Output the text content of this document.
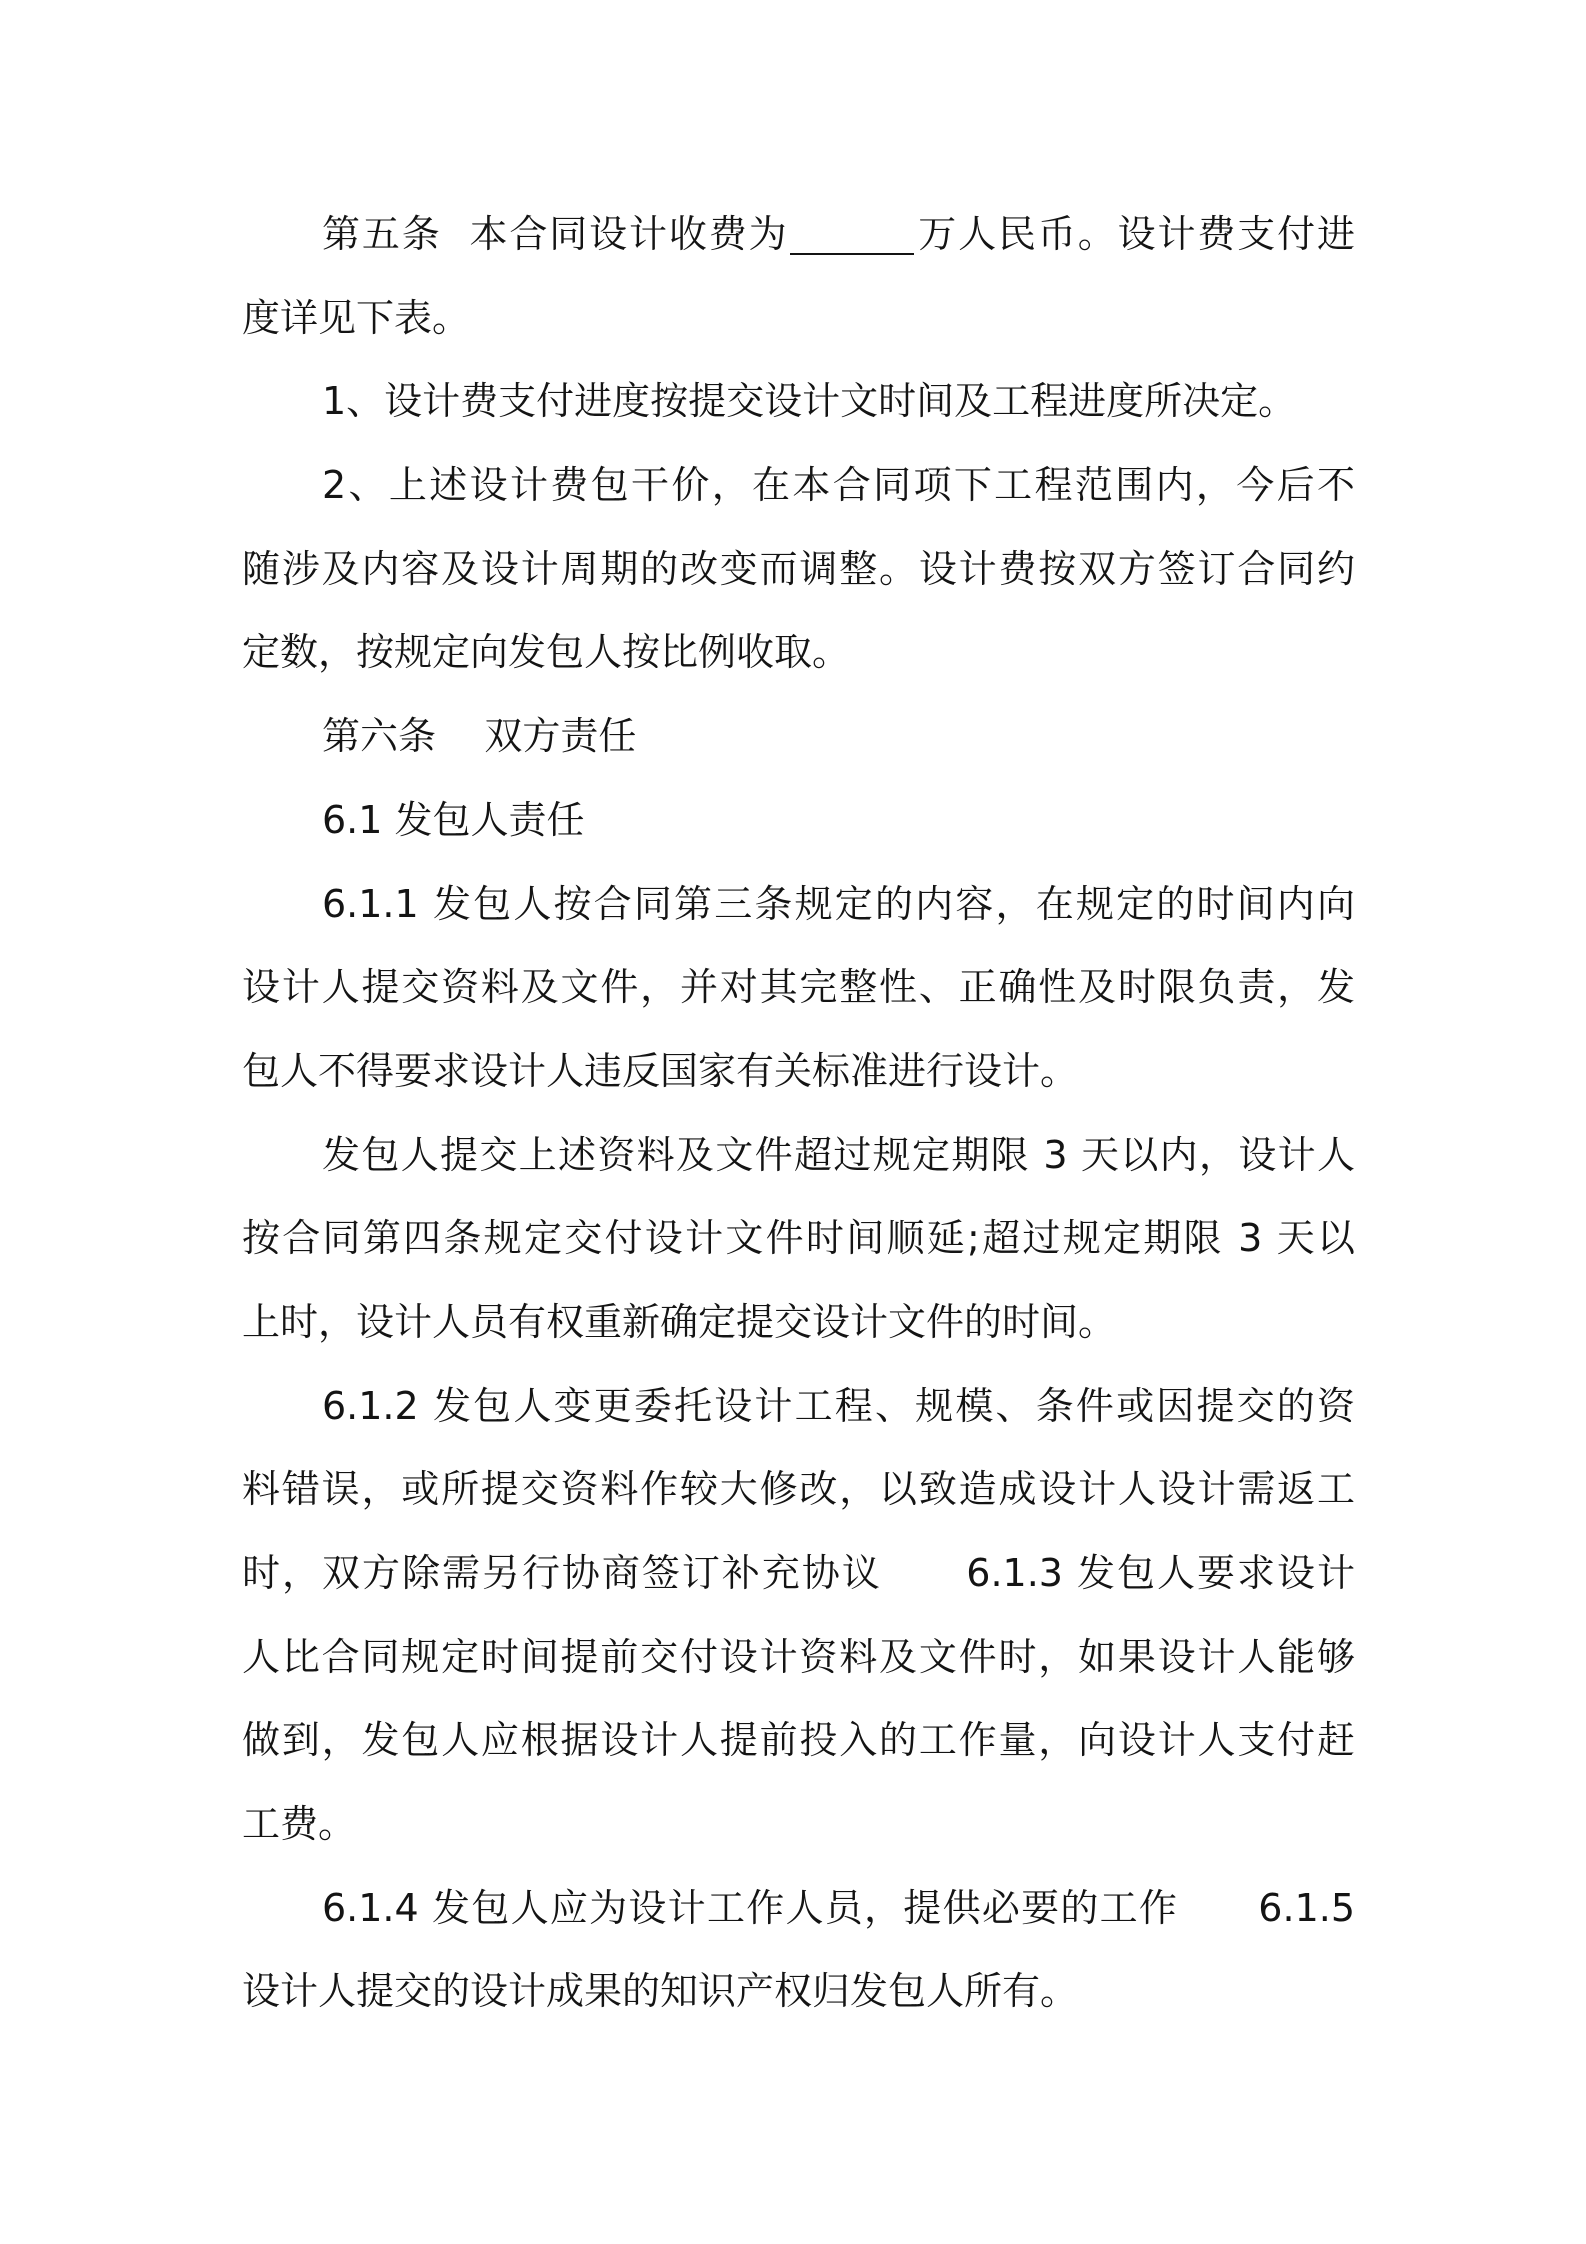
第五条  本合同设计收费为	万人民币。设计费支付进
度详见下表。
1、设计费支付进度按提交设计文时间及工程进度所决定。
2、上述设计费包干价，在本合同项下工程范围内，今后不
随涉及内容及设计周期的改变而调整。设计费按双方签订合同约
定数，按规定向发包人按比例收取。
第六条    双方责任
6.1 发包人责任
6.1.1 发包人按合同第三条规定的内容，在规定的时间内向
设计人提交资料及文件，并对其完整性、正确性及时限负责，发
包人不得要求设计人违反国家有关标准进行设计。
发包人提交上述资料及文件超过规定期限 3 天以内，设计人
按合同第四条规定交付设计文件时间顺延;超过规定期限 3 天以
上时，设计人员有权重新确定提交设计文件的时间。
6.1.2 发包人变更委托设计工程、规模、条件或因提交的资
料错误，或所提交资料作较大修改，以致造成设计人设计需返工
时，双方除需另行协商签订补充协议      6.1.3 发包人要求设计
人比合同规定时间提前交付设计资料及文件时，如果设计人能够
做到，发包人应根据设计人提前投入的工作量，向设计人支付赶
工费。
6.1.4 发包人应为设计工作人员，提供必要的工作      6.1.5
设计人提交的设计成果的知识产权归发包人所有。
